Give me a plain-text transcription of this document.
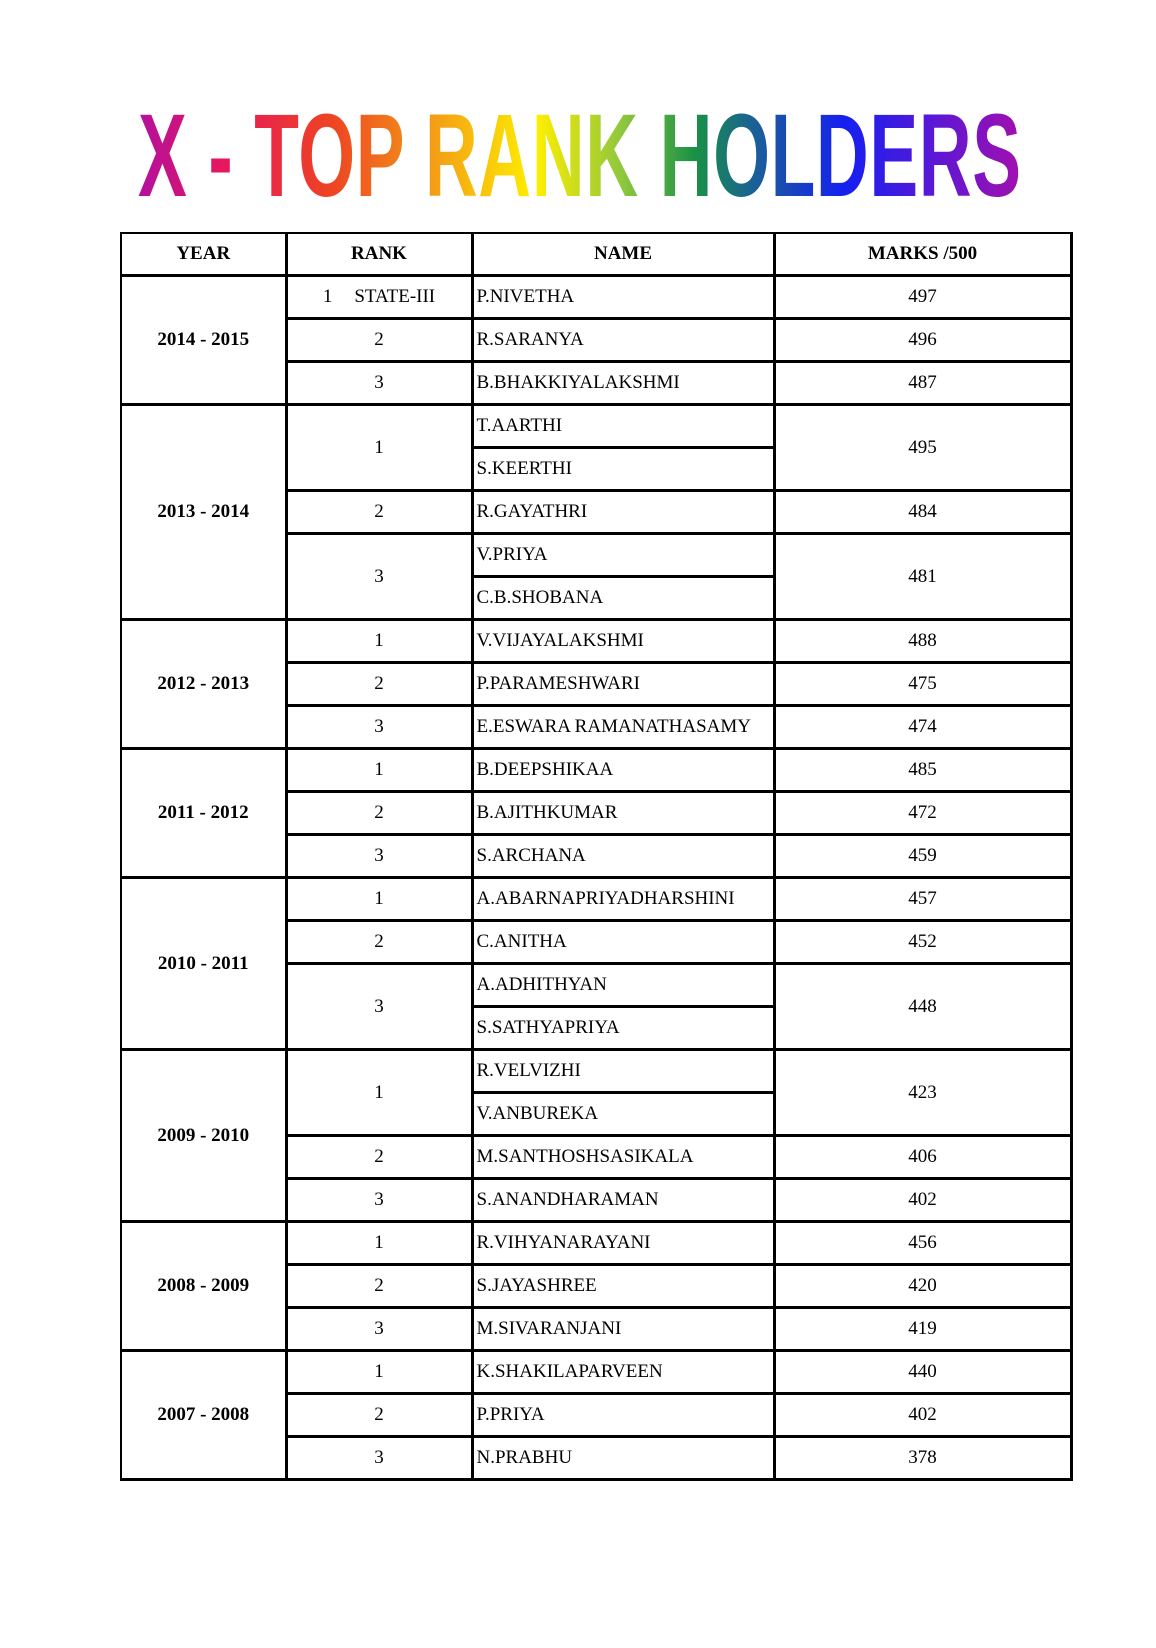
X - TOP RANK HOLDERS
YEAR	RANK	NAME	MARKS /500
2014 - 2015	1 STATE-III	P.NIVETHA	497
	2	R.SARANYA	496
	3	B.BHAKKIYALAKSHMI	487
2013 - 2014	1	T.AARTHI	495
		S.KEERTHI	
	2	R.GAYATHRI	484
	3	V.PRIYA	481
		C.B.SHOBANA	
2012 - 2013	1	V.VIJAYALAKSHMI	488
	2	P.PARAMESHWARI	475
	3	E.ESWARA RAMANATHASAMY	474
2011 - 2012	1	B.DEEPSHIKAA	485
	2	B.AJITHKUMAR	472
	3	S.ARCHANA	459
2010 - 2011	1	A.ABARNAPRIYADHARSHINI	457
	2	C.ANITHA	452
	3	A.ADHITHYAN	448
		S.SATHYAPRIYA	
2009 - 2010	1	R.VELVIZHI	423
		V.ANBUREKA	
	2	M.SANTHOSHSASIKALA	406
	3	S.ANANDHARAMAN	402
2008 - 2009	1	R.VIHYANARAYANI	456
	2	S.JAYASHREE	420
	3	M.SIVARANJANI	419
2007 - 2008	1	K.SHAKILAPARVEEN	440
	2	P.PRIYA	402
	3	N.PRABHU	378
